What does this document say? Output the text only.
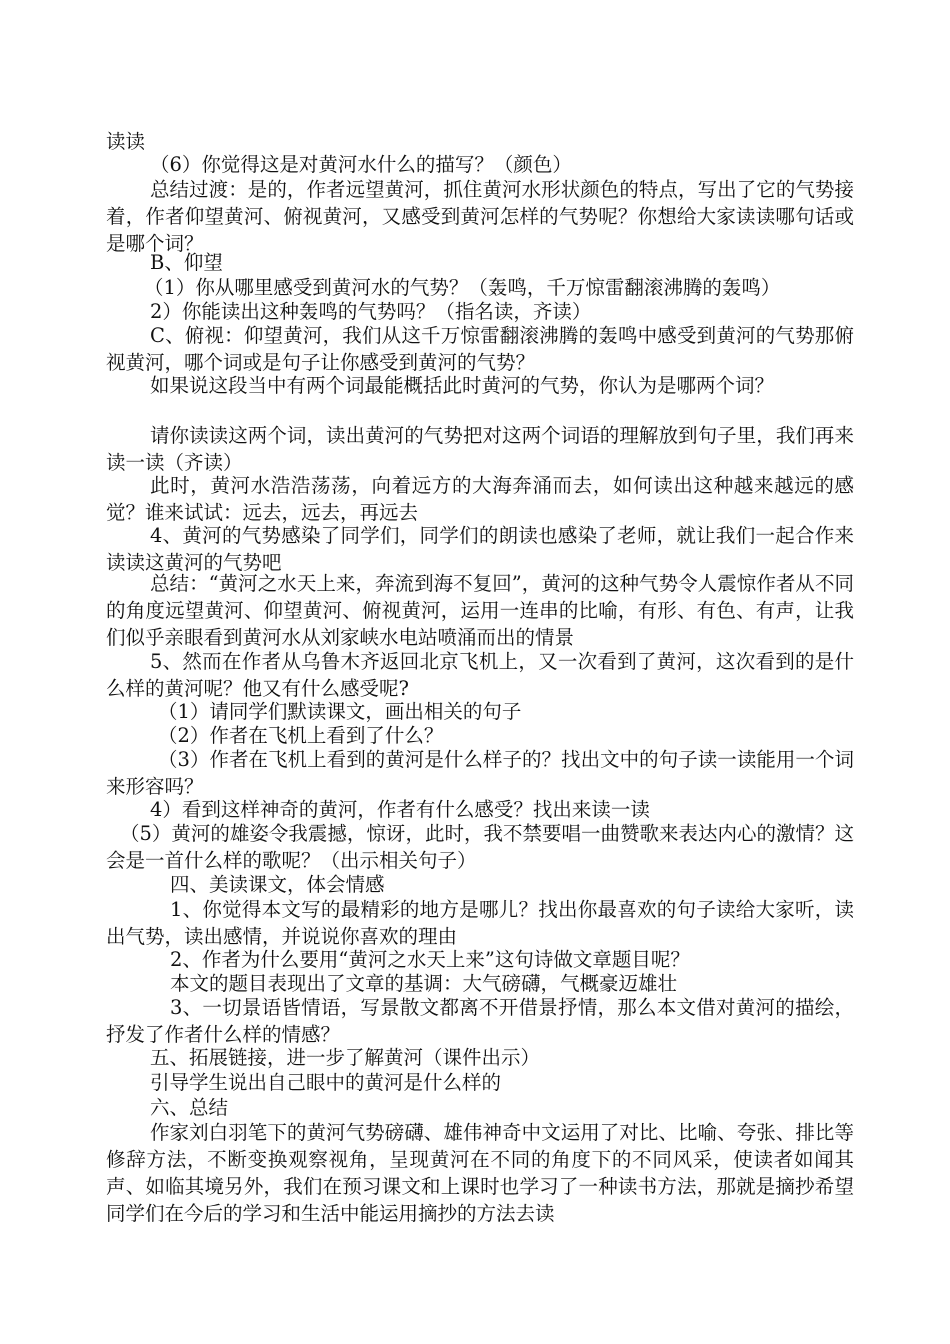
读读
（6）你觉得这是对黄河水什么的描写？（颜色）
总结过渡：是的，作者远望黄河，抓住黄河水形状颜色的特点，写出了它的气势接着，作者仰望黄河、俯视黄河，又感受到黄河怎样的气势呢？你想给大家读读哪句话或是哪个词？
B、仰望
（1）你从哪里感受到黄河水的气势？（轰鸣，千万惊雷翻滚沸腾的轰鸣）
2）你能读出这种轰鸣的气势吗？（指名读，齐读）
C、俯视：仰望黄河，我们从这千万惊雷翻滚沸腾的轰鸣中感受到黄河的气势那俯视黄河，哪个词或是句子让你感受到黄河的气势？
如果说这段当中有两个词最能概括此时黄河的气势，你认为是哪两个词？
请你读读这两个词，读出黄河的气势把对这两个词语的理解放到句子里，我们再来读一读（齐读）
此时，黄河水浩浩荡荡，向着远方的大海奔涌而去，如何读出这种越来越远的感觉？谁来试试：远去，远去，再远去
4、黄河的气势感染了同学们，同学们的朗读也感染了老师，就让我们一起合作来读读这黄河的气势吧
总结：“黄河之水天上来，奔流到海不复回”，黄河的这种气势令人震惊作者从不同的角度远望黄河、仰望黄河、俯视黄河，运用一连串的比喻，有形、有色、有声，让我们似乎亲眼看到黄河水从刘家峡水电站喷涌而出的情景
5、然而在作者从乌鲁木齐返回北京飞机上，又一次看到了黄河，这次看到的是什么样的黄河呢？他又有什么感受呢?
（1）请同学们默读课文，画出相关的句子
（2）作者在飞机上看到了什么？
（3）作者在飞机上看到的黄河是什么样子的？找出文中的句子读一读能用一个词来形容吗？
4）看到这样神奇的黄河，作者有什么感受？找出来读一读
（5）黄河的雄姿令我震撼，惊讶，此时，我不禁要唱一曲赞歌来表达内心的激情？这会是一首什么样的歌呢？（出示相关句子）
四、美读课文，体会情感
1、你觉得本文写的最精彩的地方是哪儿？找出你最喜欢的句子读给大家听，读出气势，读出感情，并说说你喜欢的理由
2、作者为什么要用“黄河之水天上来”这句诗做文章题目呢？
本文的题目表现出了文章的基调：大气磅礴，气概豪迈雄壮
3、一切景语皆情语，写景散文都离不开借景抒情，那么本文借对黄河的描绘，抒发了作者什么样的情感？
五、拓展链接，进一步了解黄河（课件出示）
引导学生说出自己眼中的黄河是什么样的
六、总结
作家刘白羽笔下的黄河气势磅礴、雄伟神奇中文运用了对比、比喻、夸张、排比等修辞方法，不断变换观察视角，呈现黄河在不同的角度下的不同风采，使读者如闻其声、如临其境另外，我们在预习课文和上课时也学习了一种读书方法，那就是摘抄希望同学们在今后的学习和生活中能运用摘抄的方法去读
